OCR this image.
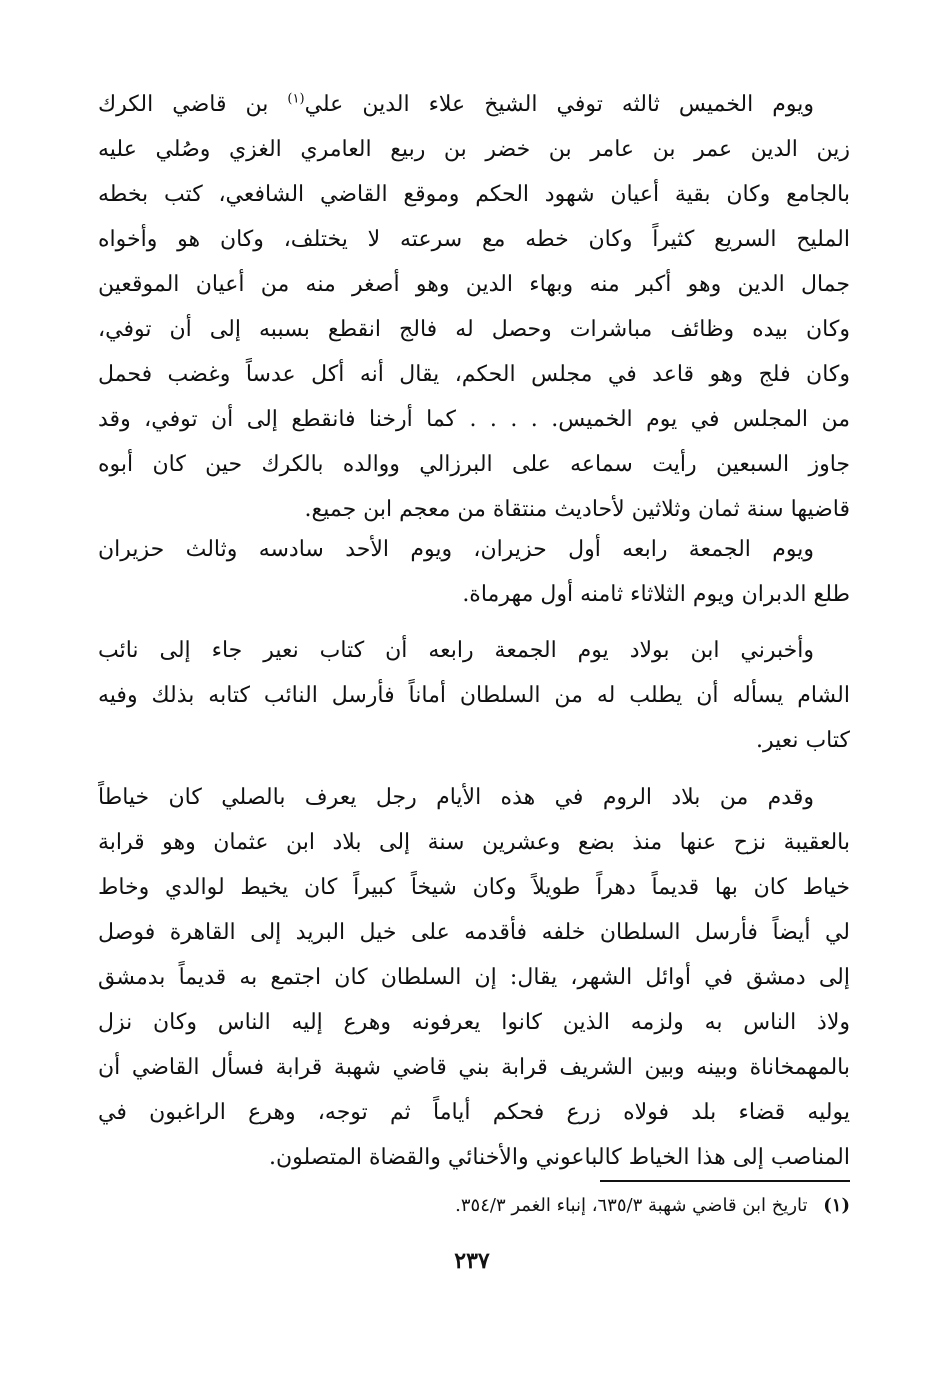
ويوم الخميس ثالثه توفي الشيخ علاء الدين علي$^{(١)}$ بن قاضي الكرك
زين الدين عمر بن عامر بن خضر بن ربيع العامري الغزي وصُلي عليه
بالجامع وكان بقية أعيان شهود الحكم وموقع القاضي الشافعي، كتب بخطه
المليح السريع كثيراً وكان خطه مع سرعته لا يختلف، وكان هو وأخواه
جمال الدين وهو أكبر منه وبهاء الدين وهو أصغر منه من أعيان الموقعين
وكان بيده وظائف مباشرات وحصل له فالج انقطع بسببه إلى أن توفي،
وكان فلج وهو قاعد في مجلس الحكم، يقال أنه أكل عدساً وغضب فحمل
من المجلس في يوم الخميس. . . . . كما أرخنا فانقطع إلى أن توفي، وقد
جاوز السبعين رأيت سماعه على البرزالي ووالده بالكرك حين كان أبوه
قاضيها سنة ثمان وثلاثين لأحاديث منتقاة من معجم ابن جميع.
ويوم الجمعة رابعه أول حزيران، ويوم الأحد سادسه وثالث حزيران
طلع الدبران ويوم الثلاثاء ثامنه أول مهرماة.
وأخبرني ابن بولاد يوم الجمعة رابعه أن كتاب نعير جاء إلى نائب
الشام يسأله أن يطلب له من السلطان أماناً فأرسل النائب كتابه بذلك وفيه
كتاب نعير.
وقدم من بلاد الروم في هذه الأيام رجل يعرف بالصلي كان خياطاً
بالعقيبة نزح عنها منذ بضع وعشرين سنة إلى بلاد ابن عثمان وهو قرابة
خياط كان بها قديماً دهراً طويلاً وكان شيخاً كبيراً كان يخيط لوالدي وخاط
لي أيضاً فأرسل السلطان خلفه فأقدمه على خيل البريد إلى القاهرة فوصل
إلى دمشق في أوائل الشهر، يقال: إن السلطان كان اجتمع به قديماً بدمشق
ولاذ الناس به ولزمه الذين كانوا يعرفونه وهرع إليه الناس وكان نزل
بالمهمخاناة وبينه وبين الشريف قرابة بني قاضي شهبة قرابة فسأل القاضي أن
يوليه قضاء بلد فولاه زرع فحكم أياماً ثم توجه، وهرع الراغبون في
المناصب إلى هذا الخياط كالباعوني والأخنائي والقضاة المتصلون.
(١) تاريخ ابن قاضي شهبة ٦٣٥/٣، إنباء الغمر ٣٥٤/٣.
٢٣٧
